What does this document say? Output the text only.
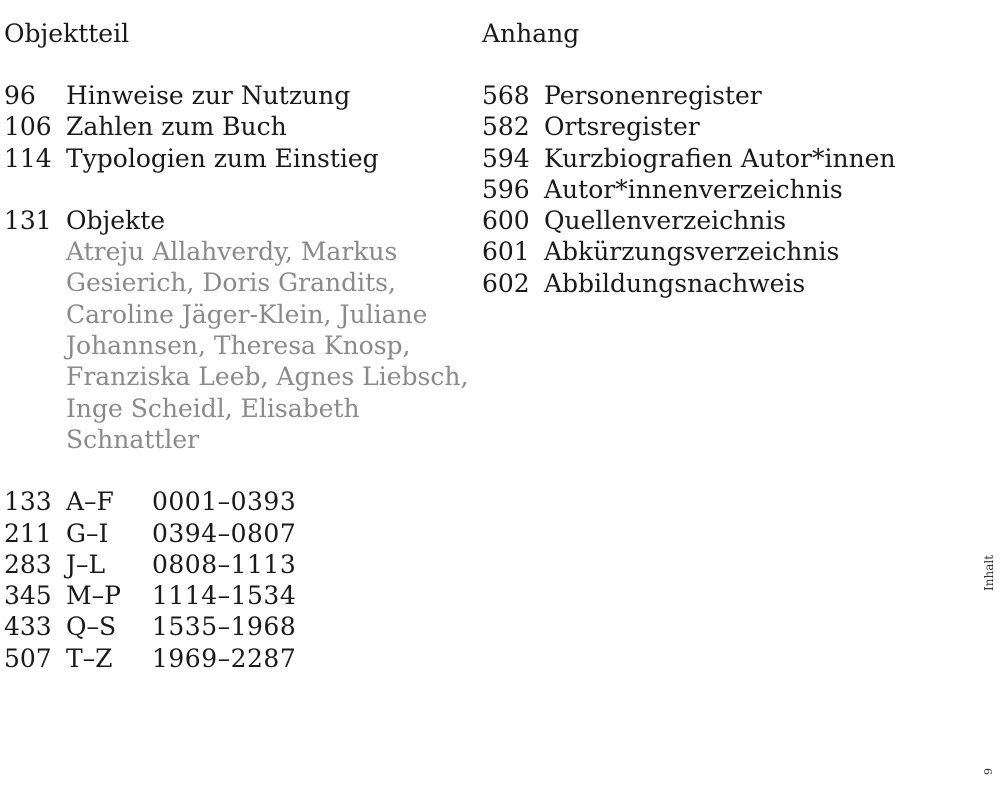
Objektteil
96	Hinweise zur Nutzung
106 Zahlen zum Buch
114 Typologien zum Einstieg
131 Objekte
Atreju Allahverdy, Markus
Gesierich, Doris Grandits,
Caroline Jäger-Klein, Juliane
Johannsen, Theresa Knosp,
Franziska Leeb, Agnes Liebsch,
Inge Scheidl, Elisabeth
Schnattler
133 A–F	0001–0393
211 G–I	0394–0807
283 J–L	0808–1113
345 M–P	1114–1534
433 Q–S	1535–1968
507 T–Z	1969–2287
Anhang
568 Personenregister
582 Ortsregister
594 Kurzbiografien Autor*innen
596 Autor*innenverzeichnis
600 Quellenverzeichnis
601 Abkürzungsverzeichnis
602 Abbildungsnachweis
Inhalt
9
